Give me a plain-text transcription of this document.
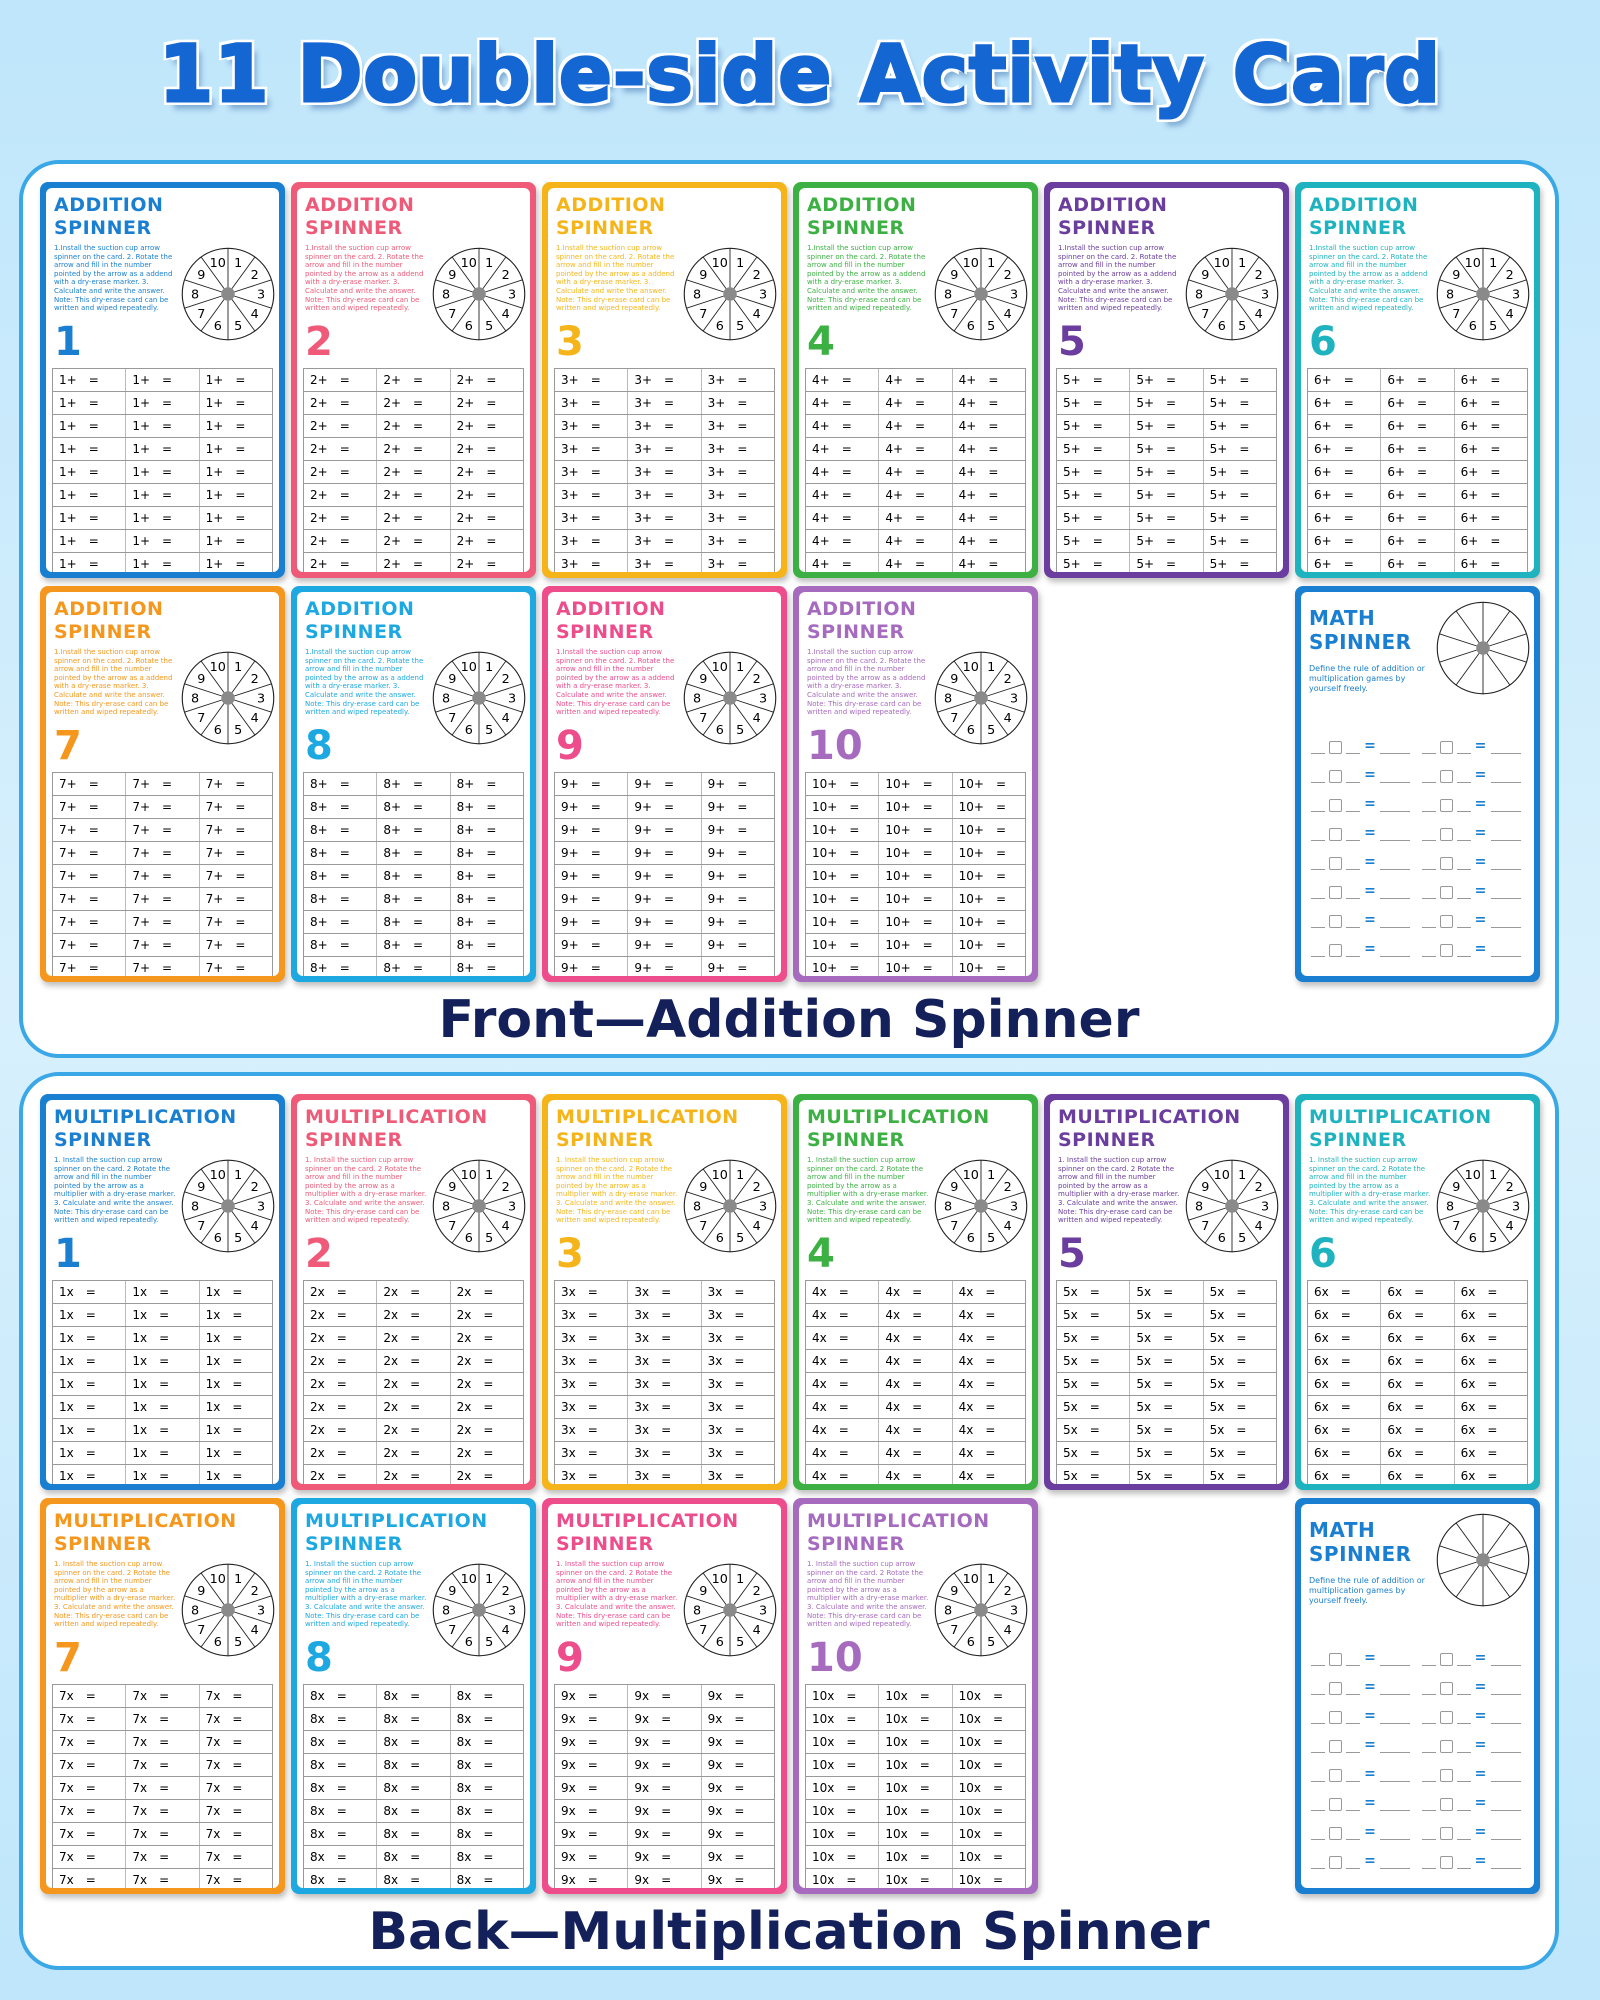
11 Double-side Activity Card
Front—Addition Spinner
Back—Multiplication Spinner
ADDITION
SPINNER
1
2
3
4
5
6
7
8
9
10
1.Install the suction cup arrow spinner on the card. 2. Rotate the arrow and fill in the number pointed by the arrow as a addend with a dry-erase marker. 3. Calculate and write the answer. Note: This dry-erase card can be written and wiped repeatedly.
1
1+ =	1+ =	1+ =
1+ =	1+ =	1+ =
1+ =	1+ =	1+ =
1+ =	1+ =	1+ =
1+ =	1+ =	1+ =
1+ =	1+ =	1+ =
1+ =	1+ =	1+ =
1+ =	1+ =	1+ =
1+ =	1+ =	1+ =
ADDITION
SPINNER
1
2
3
4
5
6
7
8
9
10
1.Install the suction cup arrow spinner on the card. 2. Rotate the arrow and fill in the number pointed by the arrow as a addend with a dry-erase marker. 3. Calculate and write the answer. Note: This dry-erase card can be written and wiped repeatedly.
2
2+ =	2+ =	2+ =
2+ =	2+ =	2+ =
2+ =	2+ =	2+ =
2+ =	2+ =	2+ =
2+ =	2+ =	2+ =
2+ =	2+ =	2+ =
2+ =	2+ =	2+ =
2+ =	2+ =	2+ =
2+ =	2+ =	2+ =
ADDITION
SPINNER
1
2
3
4
5
6
7
8
9
10
1.Install the suction cup arrow spinner on the card. 2. Rotate the arrow and fill in the number pointed by the arrow as a addend with a dry-erase marker. 3. Calculate and write the answer. Note: This dry-erase card can be written and wiped repeatedly.
3
3+ =	3+ =	3+ =
3+ =	3+ =	3+ =
3+ =	3+ =	3+ =
3+ =	3+ =	3+ =
3+ =	3+ =	3+ =
3+ =	3+ =	3+ =
3+ =	3+ =	3+ =
3+ =	3+ =	3+ =
3+ =	3+ =	3+ =
ADDITION
SPINNER
1
2
3
4
5
6
7
8
9
10
1.Install the suction cup arrow spinner on the card. 2. Rotate the arrow and fill in the number pointed by the arrow as a addend with a dry-erase marker. 3. Calculate and write the answer. Note: This dry-erase card can be written and wiped repeatedly.
4
4+ =	4+ =	4+ =
4+ =	4+ =	4+ =
4+ =	4+ =	4+ =
4+ =	4+ =	4+ =
4+ =	4+ =	4+ =
4+ =	4+ =	4+ =
4+ =	4+ =	4+ =
4+ =	4+ =	4+ =
4+ =	4+ =	4+ =
ADDITION
SPINNER
1
2
3
4
5
6
7
8
9
10
1.Install the suction cup arrow spinner on the card. 2. Rotate the arrow and fill in the number pointed by the arrow as a addend with a dry-erase marker. 3. Calculate and write the answer. Note: This dry-erase card can be written and wiped repeatedly.
5
5+ =	5+ =	5+ =
5+ =	5+ =	5+ =
5+ =	5+ =	5+ =
5+ =	5+ =	5+ =
5+ =	5+ =	5+ =
5+ =	5+ =	5+ =
5+ =	5+ =	5+ =
5+ =	5+ =	5+ =
5+ =	5+ =	5+ =
ADDITION
SPINNER
1
2
3
4
5
6
7
8
9
10
1.Install the suction cup arrow spinner on the card. 2. Rotate the arrow and fill in the number pointed by the arrow as a addend with a dry-erase marker. 3. Calculate and write the answer. Note: This dry-erase card can be written and wiped repeatedly.
6
6+ =	6+ =	6+ =
6+ =	6+ =	6+ =
6+ =	6+ =	6+ =
6+ =	6+ =	6+ =
6+ =	6+ =	6+ =
6+ =	6+ =	6+ =
6+ =	6+ =	6+ =
6+ =	6+ =	6+ =
6+ =	6+ =	6+ =
ADDITION
SPINNER
1
2
3
4
5
6
7
8
9
10
1.Install the suction cup arrow spinner on the card. 2. Rotate the arrow and fill in the number pointed by the arrow as a addend with a dry-erase marker. 3. Calculate and write the answer. Note: This dry-erase card can be written and wiped repeatedly.
7
7+ =	7+ =	7+ =
7+ =	7+ =	7+ =
7+ =	7+ =	7+ =
7+ =	7+ =	7+ =
7+ =	7+ =	7+ =
7+ =	7+ =	7+ =
7+ =	7+ =	7+ =
7+ =	7+ =	7+ =
7+ =	7+ =	7+ =
ADDITION
SPINNER
1
2
3
4
5
6
7
8
9
10
1.Install the suction cup arrow spinner on the card. 2. Rotate the arrow and fill in the number pointed by the arrow as a addend with a dry-erase marker. 3. Calculate and write the answer. Note: This dry-erase card can be written and wiped repeatedly.
8
8+ =	8+ =	8+ =
8+ =	8+ =	8+ =
8+ =	8+ =	8+ =
8+ =	8+ =	8+ =
8+ =	8+ =	8+ =
8+ =	8+ =	8+ =
8+ =	8+ =	8+ =
8+ =	8+ =	8+ =
8+ =	8+ =	8+ =
ADDITION
SPINNER
1
2
3
4
5
6
7
8
9
10
1.Install the suction cup arrow spinner on the card. 2. Rotate the arrow and fill in the number pointed by the arrow as a addend with a dry-erase marker. 3. Calculate and write the answer. Note: This dry-erase card can be written and wiped repeatedly.
9
9+ =	9+ =	9+ =
9+ =	9+ =	9+ =
9+ =	9+ =	9+ =
9+ =	9+ =	9+ =
9+ =	9+ =	9+ =
9+ =	9+ =	9+ =
9+ =	9+ =	9+ =
9+ =	9+ =	9+ =
9+ =	9+ =	9+ =
ADDITION
SPINNER
1
2
3
4
5
6
7
8
9
10
1.Install the suction cup arrow spinner on the card. 2. Rotate the arrow and fill in the number pointed by the arrow as a addend with a dry-erase marker. 3. Calculate and write the answer. Note: This dry-erase card can be written and wiped repeatedly.
10
10+ = 10+ = 10+ =
10+ = 10+ = 10+ =
10+ = 10+ = 10+ =
10+ = 10+ = 10+ =
10+ = 10+ = 10+ =
10+ = 10+ = 10+ =
10+ = 10+ = 10+ =
10+ = 10+ = 10+ =
10+ = 10+ = 10+ =
MATH
SPINNER
Define the rule of addition or multiplication games by yourself freely.
=	=
=	=
=	=
=	=
=	=
=	=
=	=
=	=
MULTIPLICATION
SPINNER
1
2
3
4
5
6
7
8
9
10
1. Install the suction cup arrow spinner on the card. 2 Rotate the arrow and fill in the number pointed by the arrow as a multiplier with a dry-erase marker. 3. Calculate and write the answer. Note: This dry-erase card can be written and wiped repeatedly.
1
1x =	1x =	1x =
1x =	1x =	1x =
1x =	1x =	1x =
1x =	1x =	1x =
1x =	1x =	1x =
1x =	1x =	1x =
1x =	1x =	1x =
1x =	1x =	1x =
1x =	1x =	1x =
MULTIPLICATION
SPINNER
1
2
3
4
5
6
7
8
9
10
1. Install the suction cup arrow spinner on the card. 2 Rotate the arrow and fill in the number pointed by the arrow as a multiplier with a dry-erase marker. 3. Calculate and write the answer. Note: This dry-erase card can be written and wiped repeatedly.
2
2x =	2x =	2x =
2x =	2x =	2x =
2x =	2x =	2x =
2x =	2x =	2x =
2x =	2x =	2x =
2x =	2x =	2x =
2x =	2x =	2x =
2x =	2x =	2x =
2x =	2x =	2x =
MULTIPLICATION
SPINNER
1
2
3
4
5
6
7
8
9
10
1. Install the suction cup arrow spinner on the card. 2 Rotate the arrow and fill in the number pointed by the arrow as a multiplier with a dry-erase marker. 3. Calculate and write the answer. Note: This dry-erase card can be written and wiped repeatedly.
3
3x =	3x =	3x =
3x =	3x =	3x =
3x =	3x =	3x =
3x =	3x =	3x =
3x =	3x =	3x =
3x =	3x =	3x =
3x =	3x =	3x =
3x =	3x =	3x =
3x =	3x =	3x =
MULTIPLICATION
SPINNER
1
2
3
4
5
6
7
8
9
10
1. Install the suction cup arrow spinner on the card. 2 Rotate the arrow and fill in the number pointed by the arrow as a multiplier with a dry-erase marker. 3. Calculate and write the answer. Note: This dry-erase card can be written and wiped repeatedly.
4
4x =	4x =	4x =
4x =	4x =	4x =
4x =	4x =	4x =
4x =	4x =	4x =
4x =	4x =	4x =
4x =	4x =	4x =
4x =	4x =	4x =
4x =	4x =	4x =
4x =	4x =	4x =
MULTIPLICATION
SPINNER
1
2
3
4
5
6
7
8
9
10
1. Install the suction cup arrow spinner on the card. 2 Rotate the arrow and fill in the number pointed by the arrow as a multiplier with a dry-erase marker. 3. Calculate and write the answer. Note: This dry-erase card can be written and wiped repeatedly.
5
5x =	5x =	5x =
5x =	5x =	5x =
5x =	5x =	5x =
5x =	5x =	5x =
5x =	5x =	5x =
5x =	5x =	5x =
5x =	5x =	5x =
5x =	5x =	5x =
5x =	5x =	5x =
MULTIPLICATION
SPINNER
1
2
3
4
5
6
7
8
9
10
1. Install the suction cup arrow spinner on the card. 2 Rotate the arrow and fill in the number pointed by the arrow as a multiplier with a dry-erase marker. 3. Calculate and write the answer. Note: This dry-erase card can be written and wiped repeatedly.
6
6x =	6x =	6x =
6x =	6x =	6x =
6x =	6x =	6x =
6x =	6x =	6x =
6x =	6x =	6x =
6x =	6x =	6x =
6x =	6x =	6x =
6x =	6x =	6x =
6x =	6x =	6x =
MULTIPLICATION
SPINNER
1
2
3
4
5
6
7
8
9
10
1. Install the suction cup arrow spinner on the card. 2 Rotate the arrow and fill in the number pointed by the arrow as a multiplier with a dry-erase marker. 3. Calculate and write the answer. Note: This dry-erase card can be written and wiped repeatedly.
7
7x =	7x =	7x =
7x =	7x =	7x =
7x =	7x =	7x =
7x =	7x =	7x =
7x =	7x =	7x =
7x =	7x =	7x =
7x =	7x =	7x =
7x =	7x =	7x =
7x =	7x =	7x =
MULTIPLICATION
SPINNER
1
2
3
4
5
6
7
8
9
10
1. Install the suction cup arrow spinner on the card. 2 Rotate the arrow and fill in the number pointed by the arrow as a multiplier with a dry-erase marker. 3. Calculate and write the answer. Note: This dry-erase card can be written and wiped repeatedly.
8
8x =	8x =	8x =
8x =	8x =	8x =
8x =	8x =	8x =
8x =	8x =	8x =
8x =	8x =	8x =
8x =	8x =	8x =
8x =	8x =	8x =
8x =	8x =	8x =
8x =	8x =	8x =
MULTIPLICATION
SPINNER
1
2
3
4
5
6
7
8
9
10
1. Install the suction cup arrow spinner on the card. 2 Rotate the arrow and fill in the number pointed by the arrow as a multiplier with a dry-erase marker. 3. Calculate and write the answer. Note: This dry-erase card can be written and wiped repeatedly.
9
9x =	9x =	9x =
9x =	9x =	9x =
9x =	9x =	9x =
9x =	9x =	9x =
9x =	9x =	9x =
9x =	9x =	9x =
9x =	9x =	9x =
9x =	9x =	9x =
9x =	9x =	9x =
MULTIPLICATION
SPINNER
1
2
3
4
5
6
7
8
9
10
1. Install the suction cup arrow spinner on the card. 2 Rotate the arrow and fill in the number pointed by the arrow as a multiplier with a dry-erase marker. 3. Calculate and write the answer. Note: This dry-erase card can be written and wiped repeatedly.
10
10x = 10x = 10x =
10x = 10x = 10x =
10x = 10x = 10x =
10x = 10x = 10x =
10x = 10x = 10x =
10x = 10x = 10x =
10x = 10x = 10x =
10x = 10x = 10x =
10x = 10x = 10x =
MATH
SPINNER
Define the rule of addition or multiplication games by yourself freely.
=	=
=	=
=	=
=	=
=	=
=	=
=	=
=	=
